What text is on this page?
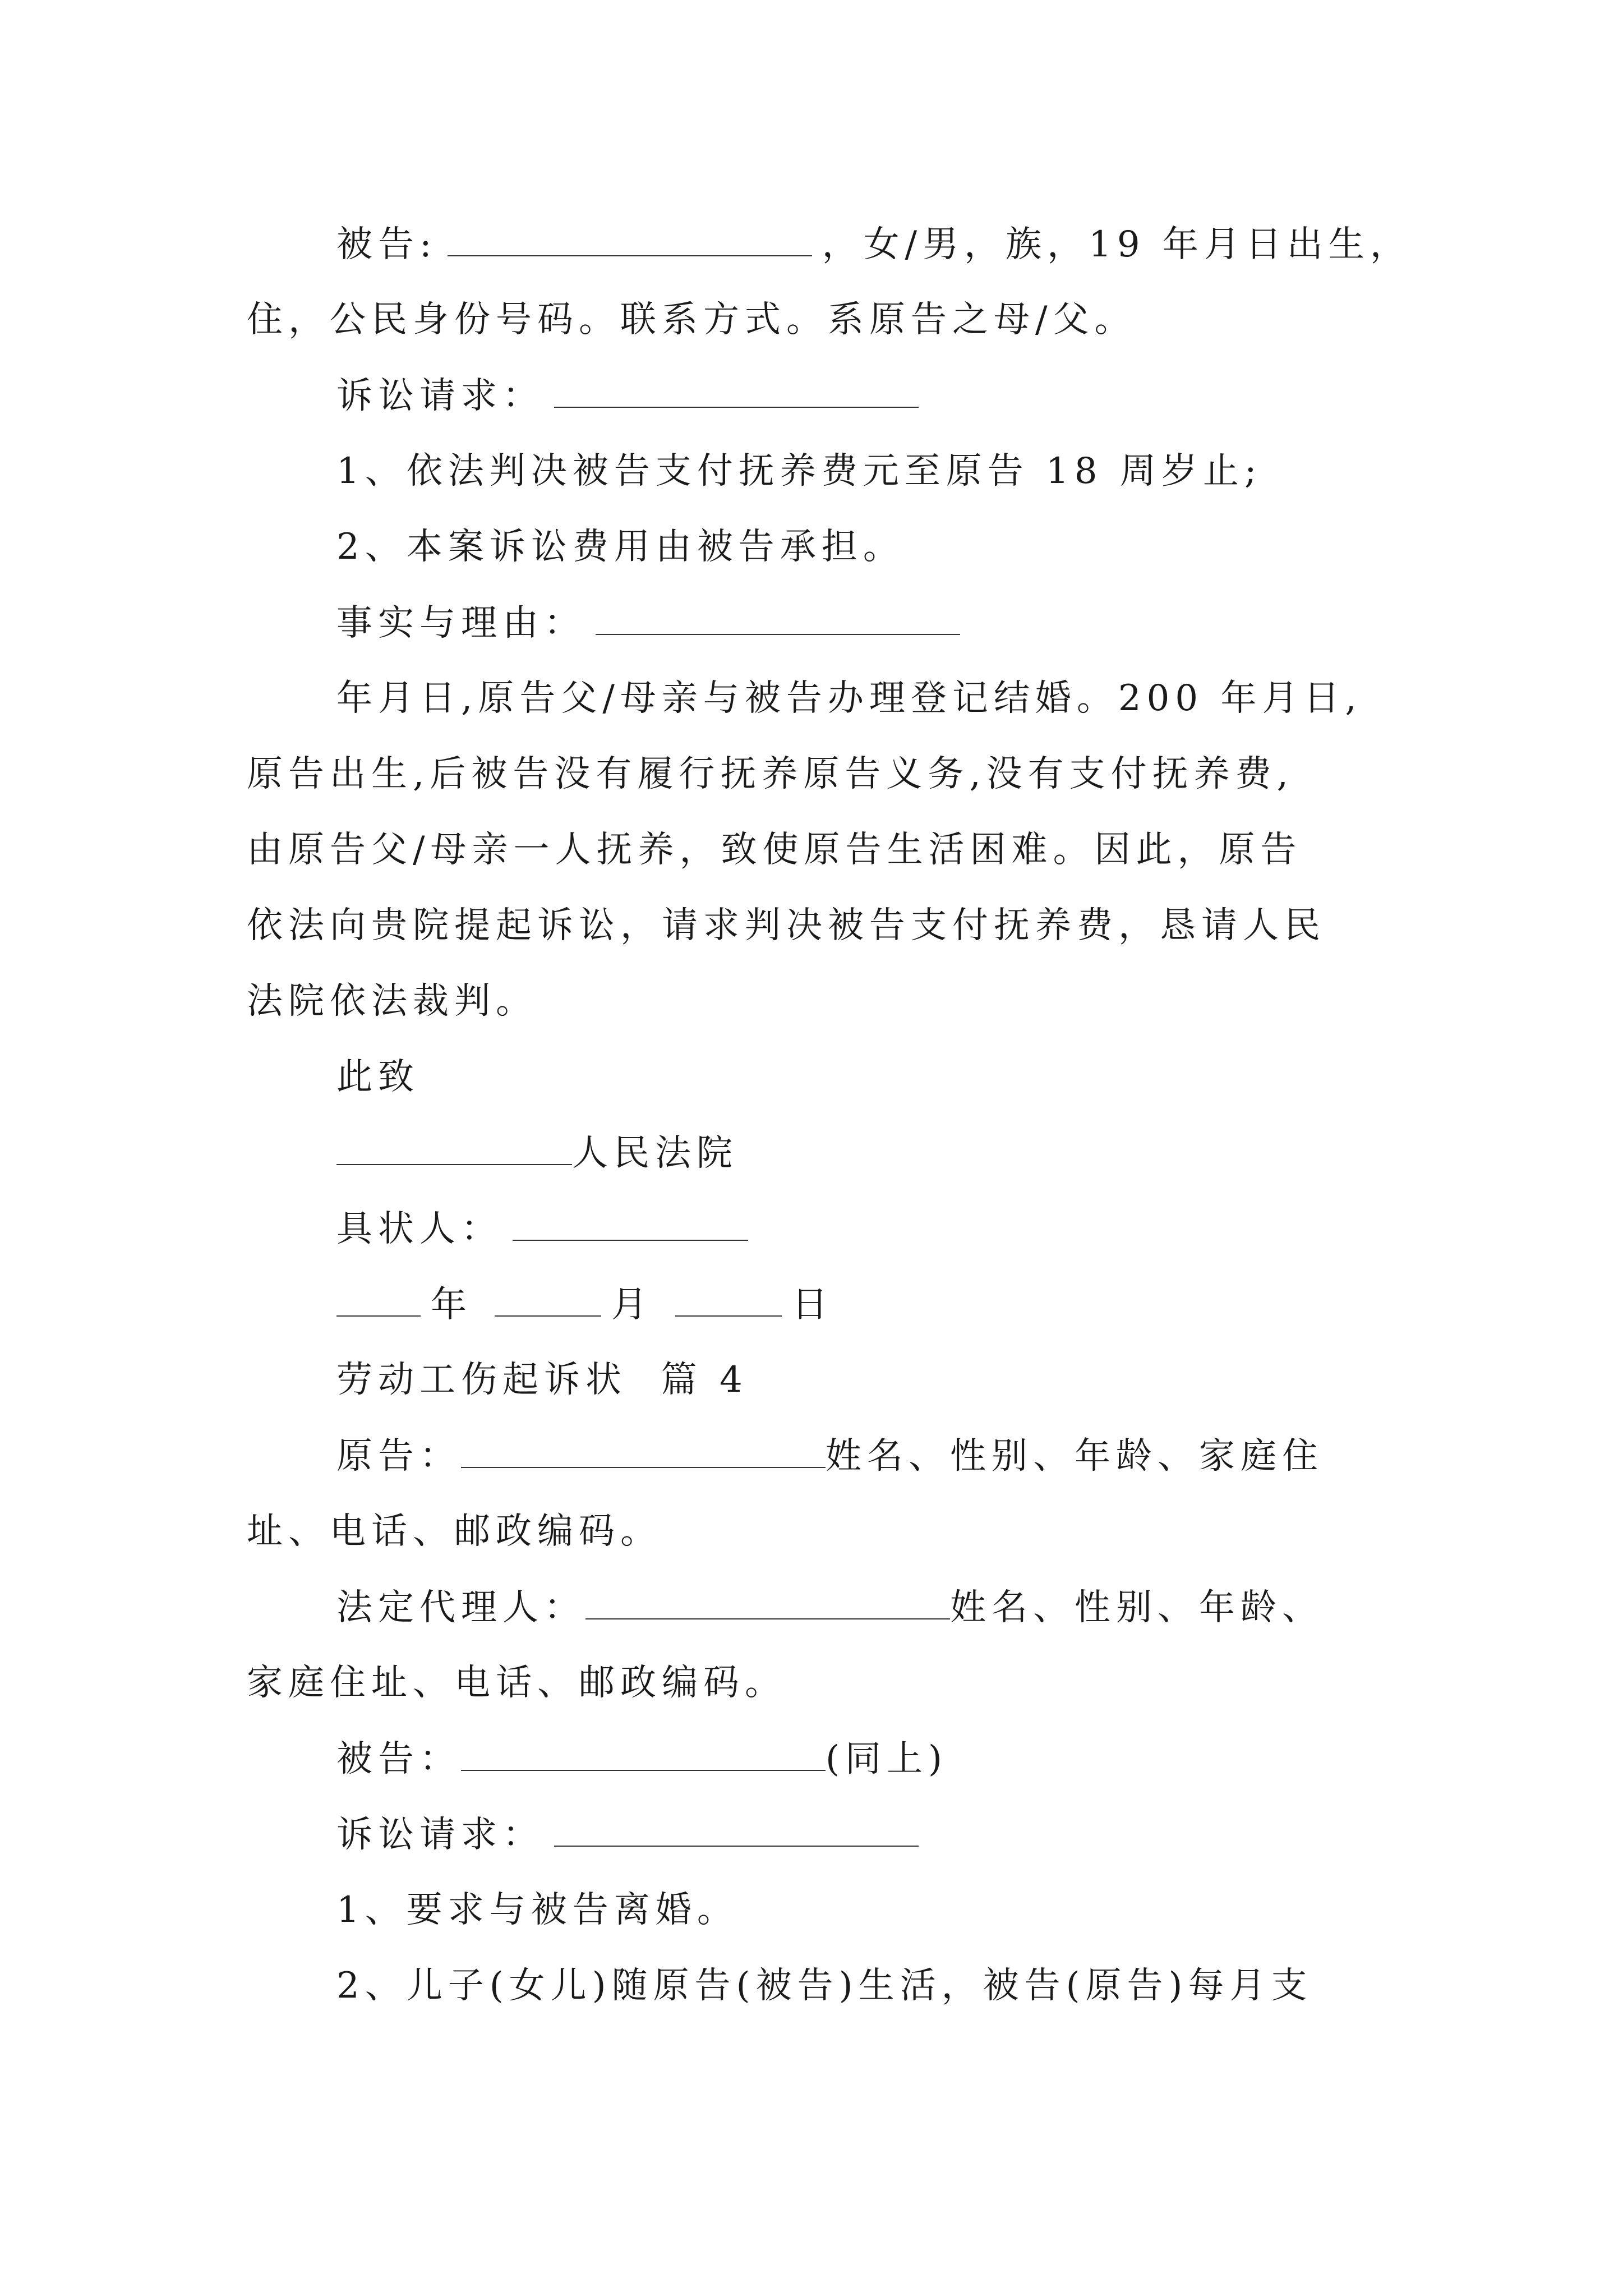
被告:	，女/男，族，19 年月日出生，
住，公民身份号码。联系方式。系原告之母/父。
诉讼请求：
1、依法判决被告支付抚养费元至原告 18 周岁止;
2、本案诉讼费用由被告承担。
事实与理由：
年月日,原告父/母亲与被告办理登记结婚。200 年月日,
原告出生,后被告没有履行抚养原告义务,没有支付抚养费,
由原告父/母亲一人抚养，致使原告生活困难。因此，原告
依法向贵院提起诉讼，请求判决被告支付抚养费，恳请人民
法院依法裁判。
此致
人民法院
具状人：
年	月	日
劳动工伤起诉状  篇 4
原告：	姓名、性别、年龄、家庭住
址、电话、邮政编码。
法定代理人：	姓名、性别、年龄、
家庭住址、电话、邮政编码。
被告：	(同上)
诉讼请求：
1、要求与被告离婚。
2、儿子(女儿)随原告(被告)生活，被告(原告)每月支
